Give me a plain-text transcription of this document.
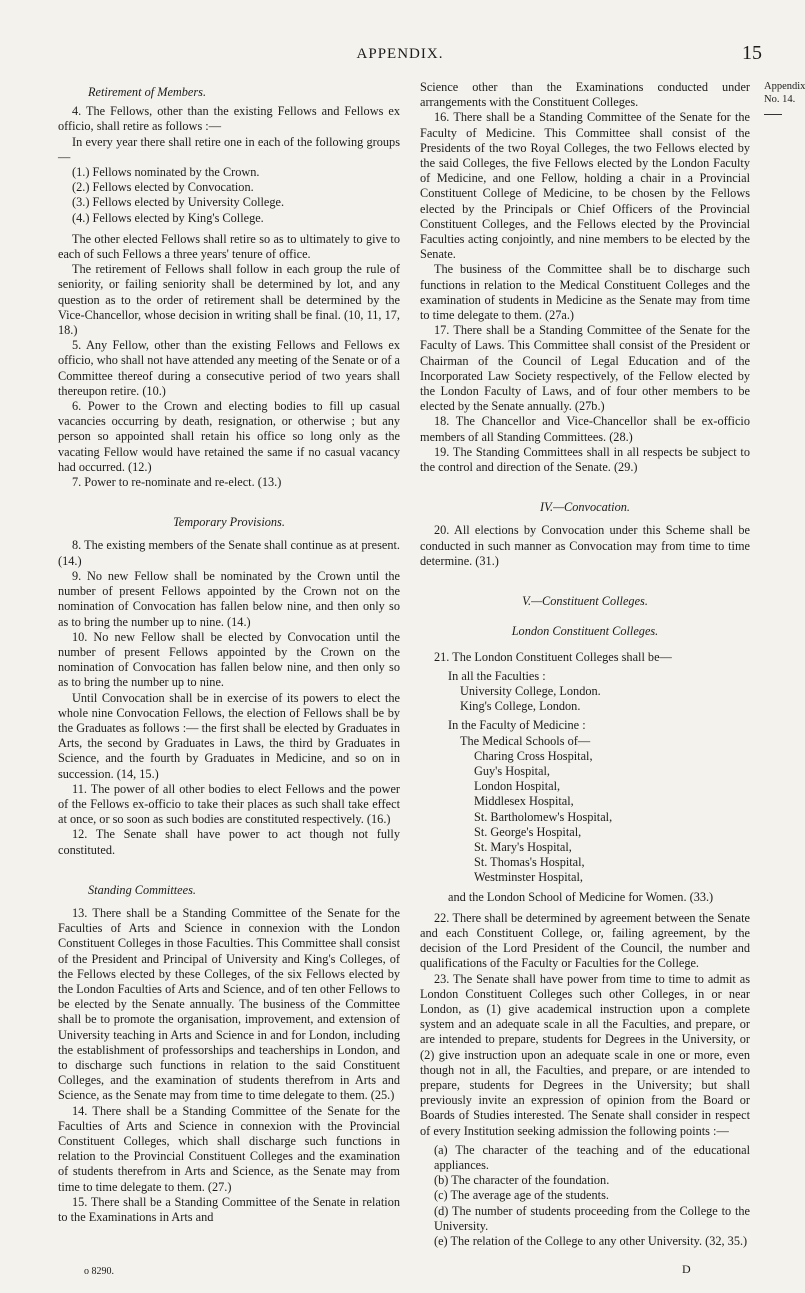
APPENDIX.	15
Appendix
No. 14.

Retirement of Members.

4. The Fellows, other than the existing Fellows and Fellows ex officio, shall retire as follows :—

In every year there shall retire one in each of the following groups—

(1.) Fellows nominated by the Crown.

(2.) Fellows elected by Convocation.

(3.) Fellows elected by University College.

(4.) Fellows elected by King's College.

The other elected Fellows shall retire so as to ultimately to give to each of such Fellows a three years' tenure of office.

The retirement of Fellows shall follow in each group the rule of seniority, or failing seniority shall be determined by lot, and any question as to the order of retirement shall be determined by the Vice-Chancellor, whose decision in writing shall be final. (10, 11, 17, 18.)

5. Any Fellow, other than the existing Fellows and Fellows ex officio, who shall not have attended any meeting of the Senate or of a Committee thereof during a consecutive period of two years shall thereupon retire. (10.)

6. Power to the Crown and electing bodies to fill up casual vacancies occurring by death, resignation, or otherwise ; but any person so appointed shall retain his office so long only as the vacating Fellow would have retained the same if no casual vacancy had occurred. (12.)

7. Power to re-nominate and re-elect. (13.)

Temporary Provisions.

8. The existing members of the Senate shall continue as at present. (14.)

9. No new Fellow shall be nominated by the Crown until the number of present Fellows appointed by the Crown not on the nomination of Convocation has fallen below nine, and then only so as to bring the number up to nine. (14.)

10. No new Fellow shall be elected by Convocation until the number of present Fellows appointed by the Crown on the nomination of Convocation has fallen below nine, and then only so as to bring the number up to nine.

Until Convocation shall be in exercise of its powers to elect the whole nine Convocation Fellows, the election of Fellows shall be by the Graduates as follows :— the first shall be elected by Graduates in Arts, the second by Graduates in Laws, the third by Graduates in Science, and the fourth by Graduates in Medicine, and so on in succession. (14, 15.)

11. The power of all other bodies to elect Fellows and the power of the Fellows ex-officio to take their places as such shall take effect at once, or so soon as such bodies are constituted respectively. (16.)

12. The Senate shall have power to act though not fully constituted.

Standing Committees.

13. There shall be a Standing Committee of the Senate for the Faculties of Arts and Science in connexion with the London Constituent Colleges in those Faculties. This Committee shall consist of the President and Principal of University and King's Colleges, of the Fellows elected by these Colleges, of the six Fellows elected by the London Faculties of Arts and Science, and of ten other Fellows to be elected by the Senate annually. The business of the Committee shall be to promote the organisation, improvement, and extension of University teaching in Arts and Science in and for London, including the establishment of professorships and teacherships in London, and to discharge such functions in relation to the said Constituent Colleges, and the examination of students therefrom in Arts and Science, as the Senate may from time to time delegate to them. (25.)

14. There shall be a Standing Committee of the Senate for the Faculties of Arts and Science in connexion with the Provincial Constituent Colleges, which shall discharge such functions in relation to the Provincial Constituent Colleges and the examination of students therefrom in Arts and Science, as the Senate may from time to time delegate to them. (27.)

15. There shall be a Standing Committee of the Senate in relation to the Examinations in Arts and

Science other than the Examinations conducted under arrangements with the Constituent Colleges.

16. There shall be a Standing Committee of the Senate for the Faculty of Medicine. This Committee shall consist of the Presidents of the two Royal Colleges, the two Fellows elected by the said Colleges, the five Fellows elected by the London Faculty of Medicine, and one Fellow, holding a chair in a Provincial Constituent College of Medicine, to be chosen by the Fellows elected by the Principals or Chief Officers of the Provincial Constituent Colleges, and the Fellows elected by the Provincial Faculties acting conjointly, and nine members to be elected by the Senate.

The business of the Committee shall be to discharge such functions in relation to the Medical Constituent Colleges and the examination of students in Medicine as the Senate may from time to time delegate to them. (27a.)

17. There shall be a Standing Committee of the Senate for the Faculty of Laws. This Committee shall consist of the President or Chairman of the Council of Legal Education and of the Incorporated Law Society respectively, of the Fellow elected by the London Faculty of Laws, and of four other members to be elected by the Senate annually. (27b.)

18. The Chancellor and Vice-Chancellor shall be ex-officio members of all Standing Committees. (28.)

19. The Standing Committees shall in all respects be subject to the control and direction of the Senate. (29.)

IV.—Convocation.

20. All elections by Convocation under this Scheme shall be conducted in such manner as Convocation may from time to time determine. (31.)

V.—Constituent Colleges.

London Constituent Colleges.

21. The London Constituent Colleges shall be—

In all the Faculties :

University College, London.

King's College, London.

In the Faculty of Medicine :

The Medical Schools of—

Charing Cross Hospital,

Guy's Hospital,

London Hospital,

Middlesex Hospital,

St. Bartholomew's Hospital,

St. George's Hospital,

St. Mary's Hospital,

St. Thomas's Hospital,

Westminster Hospital,

and the London School of Medicine for Women. (33.)

22. There shall be determined by agreement between the Senate and each Constituent College, or, failing agreement, by the decision of the Lord President of the Council, the number and qualifications of the Faculty or Faculties for the College.

23. The Senate shall have power from time to time to admit as London Constituent Colleges such other Colleges, in or near London, as (1) give academical instruction upon a complete system and an adequate scale in all the Faculties, and prepare, or are intended to prepare, students for Degrees in the University, or (2) give instruction upon an adequate scale in one or more, even though not in all, the Faculties, and prepare, or are intended to prepare, students for Degrees in the University; but shall previously invite an expression of opinion from the Board or Boards of Studies interested. The Senate shall consider in respect of every Institution seeking admission the following points :—

(a) The character of the teaching and of the educational appliances.

(b) The character of the foundation.

(c) The average age of the students.

(d) The number of students proceeding from the College to the University.

(e) The relation of the College to any other University. (32, 35.)

o 8290.	D
